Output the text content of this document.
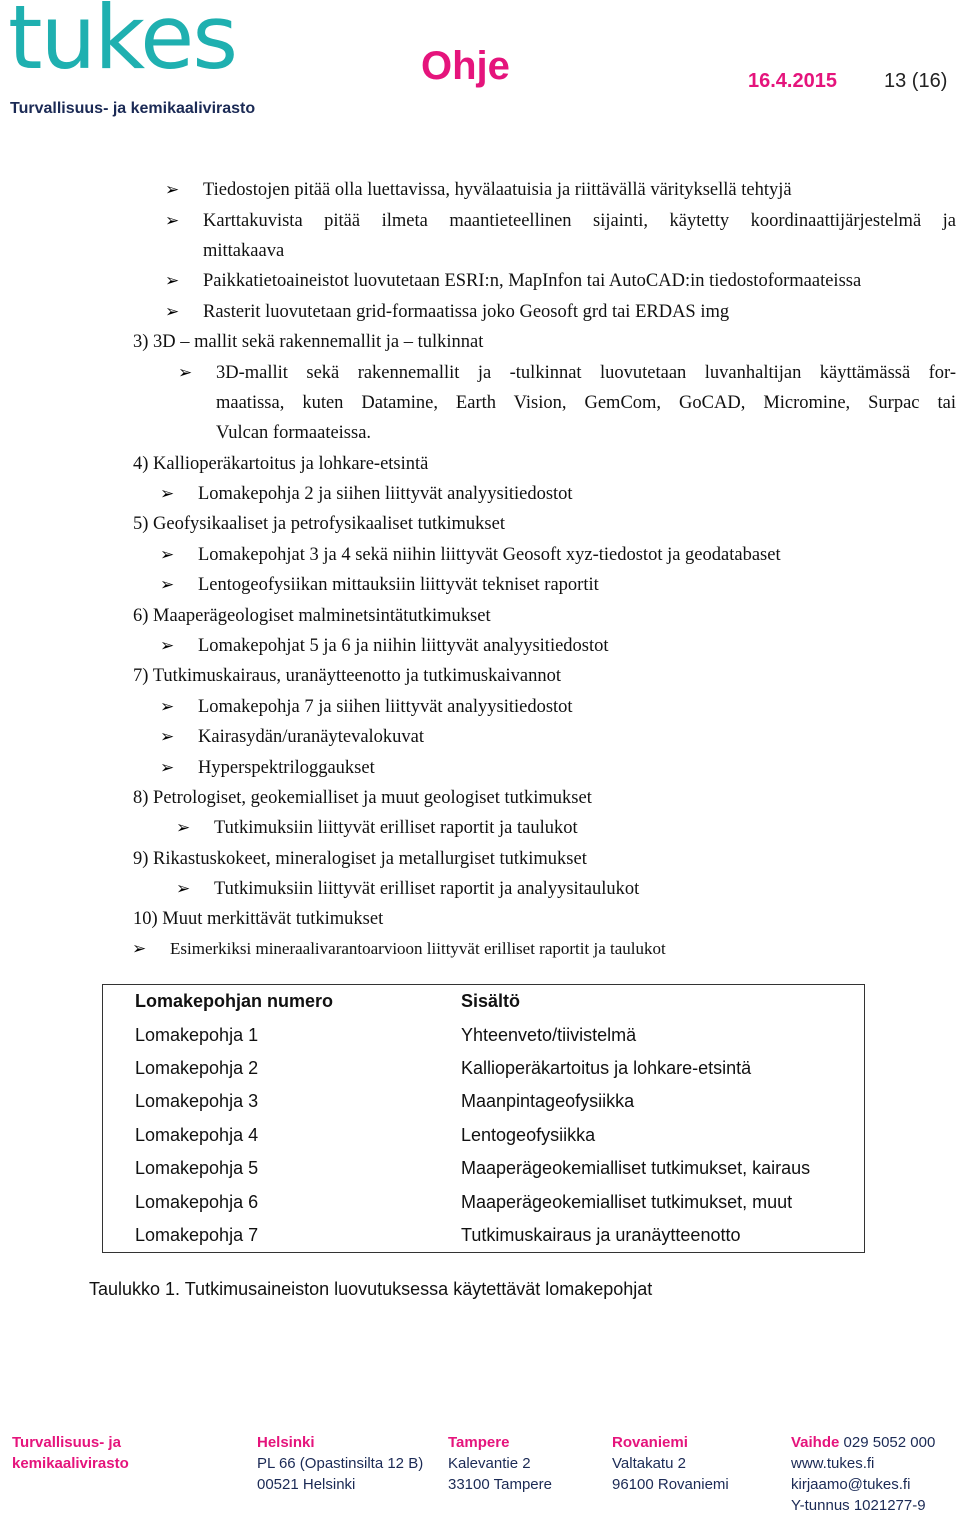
tukes
Turvallisuus- ja kemikaalivirasto
Ohje	16.4.2015 13 (16)
➢ Tiedostojen pitää olla luettavissa, hyvälaatuisia ja riittävällä värityksellä tehtyjä
➢ Karttakuvista pitää ilmeta maantieteellinen sijainti, käytetty koordinaattijärjestelmä ja
mittakaava
➢ Paikkatietoaineistot luovutetaan ESRI:n, MapInfon tai AutoCAD:in tiedostoformaateissa
➢ Rasterit luovutetaan grid-formaatissa joko Geosoft grd tai ERDAS img
3) 3D – mallit sekä rakennemallit ja – tulkinnat
➢ 3D-mallit sekä rakennemallit ja -tulkinnat luovutetaan luvanhaltijan käyttämässä for-
maatissa, kuten Datamine, Earth Vision, GemCom, GoCAD, Micromine, Surpac tai
Vulcan formaateissa.
4) Kallioperäkartoitus ja lohkare-etsintä
➢ Lomakepohja 2 ja siihen liittyvät analyysitiedostot
5) Geofysikaaliset ja petrofysikaaliset tutkimukset
➢ Lomakepohjat 3 ja 4 sekä niihin liittyvät Geosoft xyz-tiedostot ja geodatabaset
➢ Lentogeofysiikan mittauksiin liittyvät tekniset raportit
6) Maaperägeologiset malminetsintätutkimukset
➢ Lomakepohjat 5 ja 6 ja niihin liittyvät analyysitiedostot
7) Tutkimuskairaus, uranäytteenotto ja tutkimuskaivannot
➢ Lomakepohja 7 ja siihen liittyvät analyysitiedostot
➢ Kairasydän/uranäytevalokuvat
➢ Hyperspektriloggaukset
8) Petrologiset, geokemialliset ja muut geologiset tutkimukset
➢ Tutkimuksiin liittyvät erilliset raportit ja taulukot
9) Rikastuskokeet, mineralogiset ja metallurgiset tutkimukset
➢ Tutkimuksiin liittyvät erilliset raportit ja analyysitaulukot
10) Muut merkittävät tutkimukset
➢ Esimerkiksi mineraalivarantoarvioon liittyvät erilliset raportit ja taulukot
Lomakepohjan numero	Sisältö
Lomakepohja 1	Yhteenveto/tiivistelmä
Lomakepohja 2	Kallioperäkartoitus ja lohkare-etsintä
Lomakepohja 3	Maanpintageofysiikka
Lomakepohja 4	Lentogeofysiikka
Lomakepohja 5	Maaperägeokemialliset tutkimukset, kairaus
Lomakepohja 6	Maaperägeokemialliset tutkimukset, muut
Lomakepohja 7	Tutkimuskairaus ja uranäytteenotto
Taulukko 1. Tutkimusaineiston luovutuksessa käytettävät lomakepohjat
Turvallisuus- ja
kemikaalivirasto
Helsinki
PL 66 (Opastinsilta 12 B)
00521 Helsinki
Tampere
Kalevantie 2
33100 Tampere
Rovaniemi
Valtakatu 2
96100 Rovaniemi
Vaihde 029 5052 000
www.tukes.fi
kirjaamo@tukes.fi
Y-tunnus 1021277-9
